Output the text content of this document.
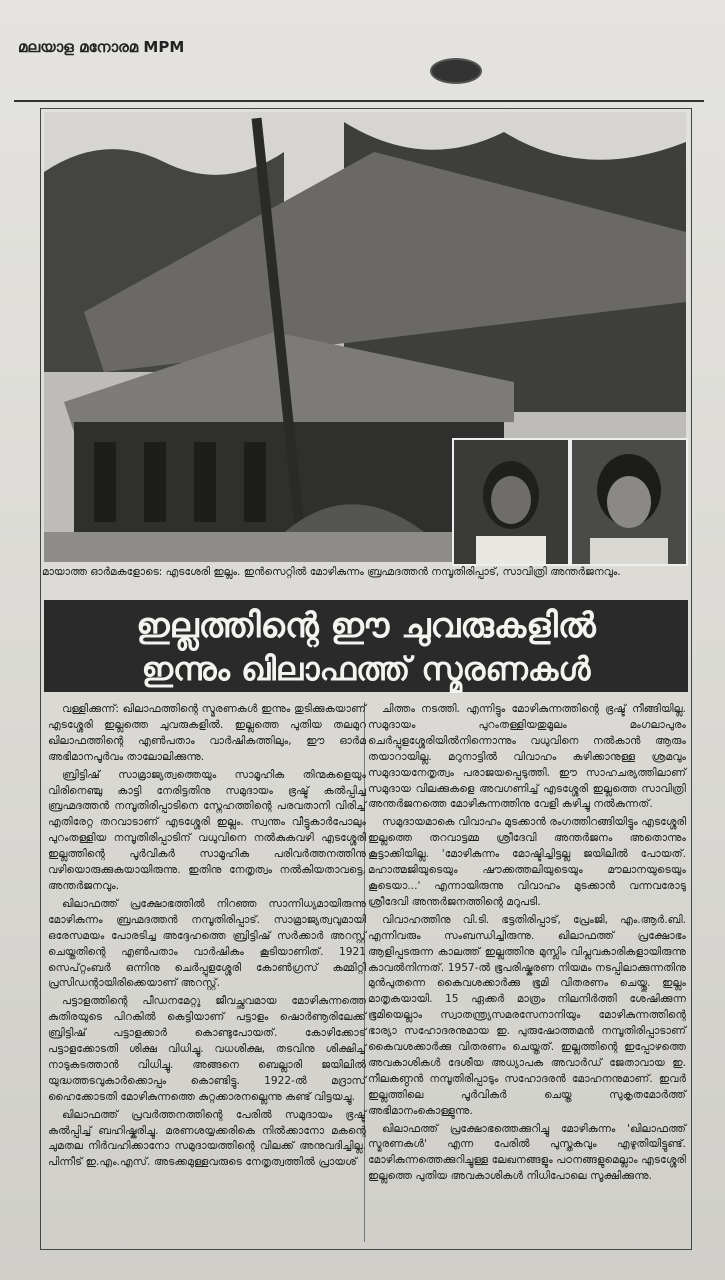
മലയാള മനോരമ MPM
മായാത്ത ഓർമകളോടെ: എടശേരി ഇല്ലം. ഇൻസെറ്റിൽ മോഴികുന്നം ബ്രഹ്മദത്തൻ നമ്പൂതിരിപ്പാട്, സാവിത്രി അന്തർജനവും.
ഇല്ലത്തിന്റെ ഈ ചുവരുകളിൽ
ഇന്നും ഖിലാഫത്ത് സ്മരണകൾ

വള്ളിക്കുന്ന്: ഖിലാഫത്തിന്റെ സ്മരണകൾ ഇന്നും തുടിക്കുകയാണ് എടശ്ശേരി ഇല്ലത്തെ ചുവരുകളിൽ. ഇല്ലത്തെ പുതിയ തലമുറ ഖിലാഫത്തിന്റെ എൺപതാം വാർഷികത്തിലും, ഈ ഓർമ അഭിമാനപൂർവം താലോലിക്കുന്നു.

ബ്രിട്ടിഷ് സാമ്രാജ്യത്വത്തെയും സാമൂഹിക തിന്മകളെയും വിരിനെഞ്ചു കാട്ടി നേരിട്ടതിനു സമുദായം ഭ്രഷ്ട് കൽപ്പിച്ച ബ്രഹ്മദത്തൻ നമ്പൂതിരിപ്പാടിനെ സ്നേഹത്തിന്റെ പരവതാനി വിരിച്ച് എതിരേറ്റ തറവാടാണ് എടശ്ശേരി ഇല്ലം. സ്വന്തം വീട്ടുകാർപോലും പുറംതള്ളിയ നമ്പൂതിരിപ്പാടിന് വധുവിനെ നൽകുകവഴി എടശ്ശേരി ഇല്ലത്തിന്റെ പൂർവികർ സാമൂഹിക പരിവർത്തനത്തിനു വഴിയൊരുക്കുകയായിരുന്നു. ഇതിനു നേതൃത്വം നൽകിയതാവട്ടെ, അന്തർജനവും.

ഖിലാഫത്ത് പ്രക്ഷോഭത്തിൽ നിറഞ്ഞ സാന്നിധ്യമായിരുന്നു മോഴികുന്നം ബ്രഹ്മദത്തൻ നമ്പൂതിരിപ്പാട്. സാമ്രാജ്യത്വവുമായി ഒരേസമയം പോരടിച്ച അദ്ദേഹത്തെ ബ്രിട്ടിഷ് സർക്കാർ അറസ്റ്റ് ചെയ്തതിന്റെ എൺപതാം വാർഷികം കൂടിയാണിത്. 1921 സെപ്റ്റംബർ ഒന്നിനു ചെർപ്പുളശ്ശേരി കോൺഗ്രസ് കമ്മിറ്റി പ്രസിഡന്റായിരിക്കെയാണ് അറസ്റ്റ്.

പട്ടാളത്തിന്റെ പീഡനമേറ്റു ജീവച്ഛവമായ മോഴികുന്നത്തെ കുതിരയുടെ പിറകിൽ കെട്ടിയാണ് പട്ടാളം ഷൊർണൂരിലേക്ക് ബ്രിട്ടിഷ് പട്ടാളക്കാർ കൊണ്ടുപോയത്. കോഴിക്കോട് പട്ടാളക്കോടതി ശിക്ഷ വിധിച്ചു. വധശിക്ഷ, തടവിനു ശിക്ഷിച്ച് നാടുകടത്താൻ വിധിച്ചു. അങ്ങനെ ബെല്ലാരി ജയിലിൽ യുദ്ധത്തടവുകാർക്കൊപ്പം കൊണ്ടിട്ടു. 1922-ൽ മദ്രാസ് ഹൈക്കോടതി മോഴികുന്നത്തെ കുറ്റക്കാരനല്ലെന്നു കണ്ട് വിട്ടയച്ചു.

ഖിലാഫത്ത് പ്രവർത്തനത്തിന്റെ പേരിൽ സമുദായം ഭ്രഷ്ട് കൽപ്പിച്ച് ബഹിഷ്കരിച്ചു. മരണശയ്യക്കരികെ നിൽക്കാനോ മകന്റെ ചുമതല നിർവഹിക്കാനോ സമുദായത്തിന്റെ വിലക്ക് അനുവദിച്ചില്ല. പിന്നീട് ഇ.എം.എസ്. അടക്കമുള്ളവരുടെ നേതൃത്വത്തിൽ പ്രായശ്

ചിത്തം നടത്തി. എന്നിട്ടും മോഴികുന്നത്തിന്റെ ഭ്രഷ്ട് നീങ്ങിയില്ല. സമുദായം പുറംതള്ളിയതുമൂലം മംഗലാപുരം ചെർപ്പുളശ്ശേരിയിൽനിന്നൊന്നും വധുവിനെ നൽകാൻ ആരും തയാറായില്ല. മറുനാട്ടിൽ വിവാഹം കഴിക്കാനുള്ള ശ്രമവും സമുദായനേതൃത്വം പരാജയപ്പെടുത്തി. ഈ സാഹചര്യത്തിലാണ് സമുദായ വിലക്കുകളെ അവഗണിച്ച് എടശ്ശേരി ഇല്ലത്തെ സാവിത്രി അന്തർജനത്തെ മോഴികുന്നത്തിനു വേളി കഴിച്ചു നൽകുന്നത്.

സമുദായമാകെ വിവാഹം മുടക്കാൻ രംഗത്തിറങ്ങിയിട്ടും എടശ്ശേരി ഇല്ലത്തെ തറവാട്ടമ്മ ശ്രീദേവി അന്തർജനം അതൊന്നും കൂട്ടാക്കിയില്ല. 'മോഴികുന്നം മോഷ്ടിച്ചിട്ടല്ല ജയിലിൽ പോയത്. മഹാത്മജിയുടെയും ഷൗക്കത്തലിയുടെയും മൗലാനയുടെയും കൂടെയാ...' എന്നായിരുന്നു വിവാഹം മുടക്കാൻ വന്നവരോടു ശ്രീദേവി അന്തർജനത്തിന്റെ മറുപടി.

വിവാഹത്തിനു വി.ടി. ഭട്ടതിരിപ്പാട്, പ്രേംജി, എം.ആർ.ബി. എന്നിവരും സംബന്ധിച്ചിരുന്നു. ഖിലാഫത്ത് പ്രക്ഷോഭം ആളിപ്പടരുന്ന കാലത്ത് ഇല്ലത്തിനു മുസ്ലിം വിപ്ലവകാരികളായിരുന്നു കാവൽനിന്നത്. 1957-ൽ ഭൂപരിഷ്കരണ നിയമം നടപ്പിലാക്കുന്നതിനു മുൻപുതന്നെ കൈവശക്കാർക്കു ഭൂമി വിതരണം ചെയ്തു. ഇല്ലം മാതൃകയായി. 15 ഏക്കർ മാത്രം നിലനിർത്തി ശേഷിക്കുന്ന ഭൂമിയെല്ലാം സ്വാതന്ത്ര്യസമരസേനാനിയും മോഴികുന്നത്തിന്റെ ഭാര്യാ സഹോദരനുമായ ഇ. പുരുഷോത്തമൻ നമ്പൂതിരിപ്പാടാണ് കൈവശക്കാർക്കു വിതരണം ചെയ്തത്. ഇല്ലത്തിന്റെ ഇപ്പോഴത്തെ അവകാശികൾ ദേശീയ അധ്യാപക അവാർഡ് ജേതാവായ ഇ. നീലകണ്ഠൻ നമ്പൂതിരിപ്പാടും സഹോദരൻ മോഹനനുമാണ്. ഇവർ ഇല്ലത്തിലെ പൂർവികർ ചെയ്ത സുകൃതമോർത്ത് അഭിമാനംകൊള്ളുന്നു.

ഖിലാഫത്ത് പ്രക്ഷോഭത്തെക്കുറിച്ചു മോഴികുന്നം 'ഖിലാഫത്ത് സ്മരണകൾ' എന്ന പേരിൽ പുസ്തകവും എഴുതിയിട്ടുണ്ട്. മോഴികുന്നത്തെക്കുറിച്ചുള്ള ലേഖനങ്ങളും പഠനങ്ങളുമെല്ലാം എടശ്ശേരി ഇല്ലത്തെ പുതിയ അവകാശികൾ നിധിപോലെ സൂക്ഷിക്കുന്നു.
